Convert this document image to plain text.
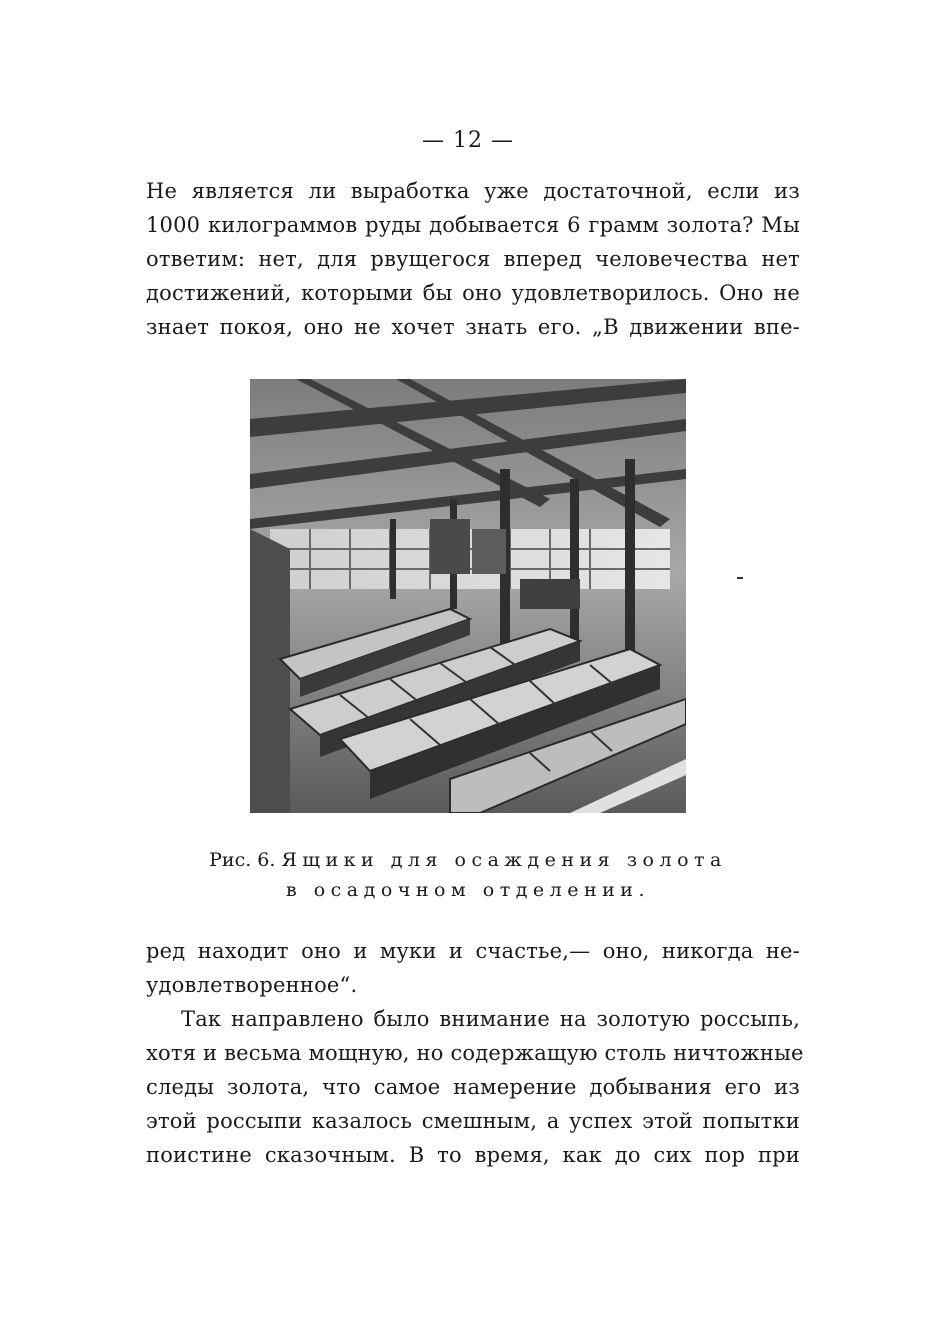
— 12 —
Не является ли выработка уже достаточной, если из
1000 килограммов руды добывается 6 грамм золота? Мы
ответим: нет, для рвущегося вперед человечества нет
достижений, которыми бы оно удовлетворилось. Оно не
знает покоя, оно не хочет знать его. „В движении впе-
Рис. 6. Ящики для осаждения золота
в осадочном отделении.
ред находит оно и муки и счастье,— оно, никогда не-
удовлетворенное“.
Так направлено было внимание на золотую россыпь,
хотя и весьма мощную, но содержащую столь ничтожные
следы золота, что самое намерение добывания его из
этой россыпи казалось смешным, а успех этой попытки
поистине сказочным. В то время, как до сих пор при
